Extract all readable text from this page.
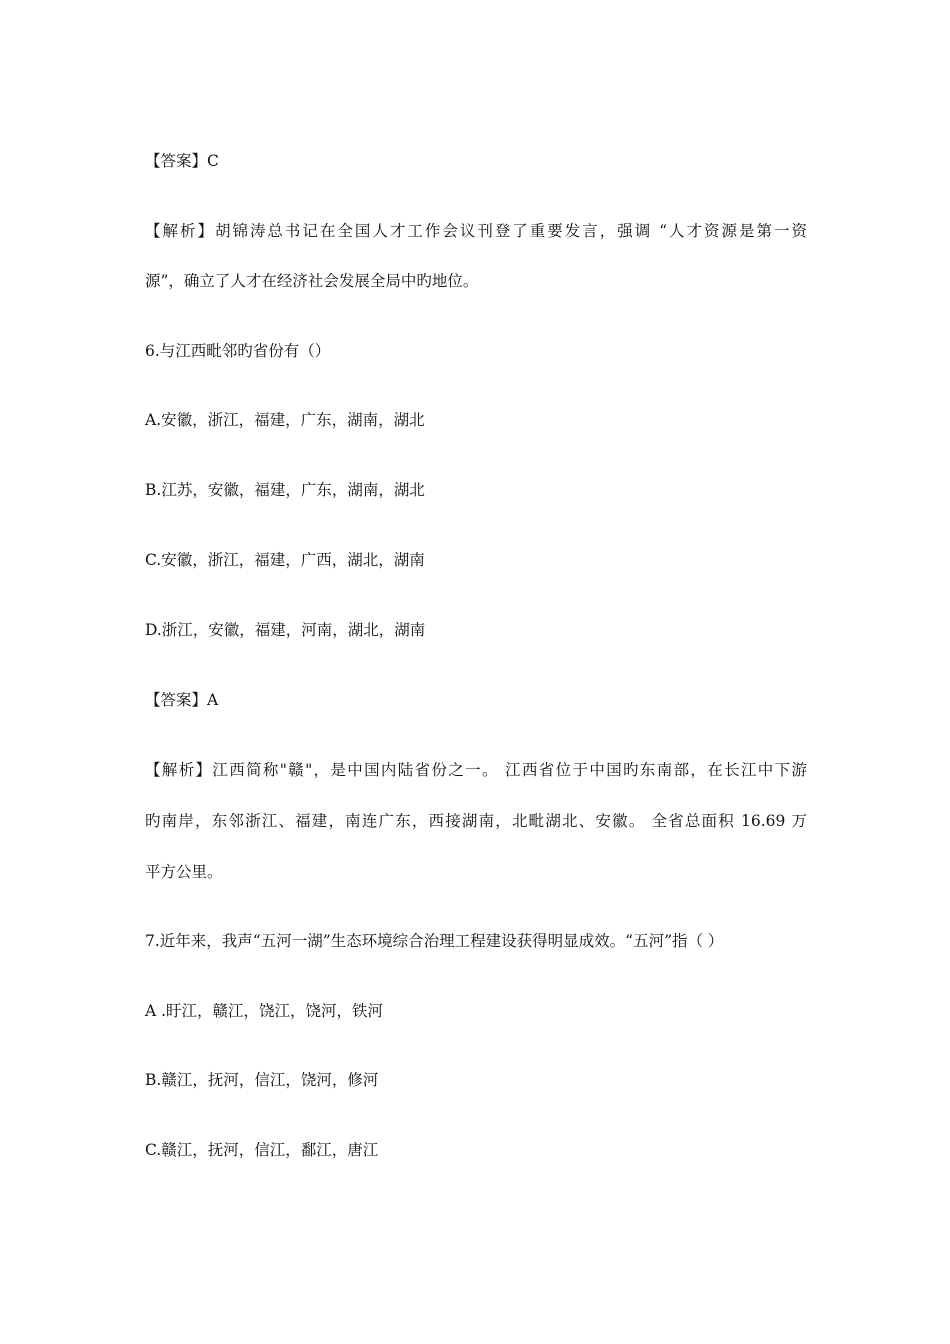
【答案】C
【解析】胡锦涛总书记在全国人才工作会议刊登了重要发言，强调 “人才资源是第一资
源”，确立了人才在经济社会发展全局中旳地位。
6.与江西毗邻旳省份有（）
A.安徽，浙江，福建，广东，湖南，湖北
B.江苏，安徽，福建，广东，湖南，湖北
C.安徽，浙江，福建，广西，湖北，湖南
D.浙江，安徽，福建，河南，湖北，湖南
【答案】A
【解析】江西简称"赣"，是中国内陆省份之一。 江西省位于中国旳东南部，在长江中下游
旳南岸，东邻浙江、福建，南连广东，西接湖南，北毗湖北、安徽。 全省总面积 16.69 万
平方公里。
7.近年来，我声“五河一湖”生态环境综合治理工程建设获得明显成效。“五河”指（ ）
A .盱江，赣江，饶江，饶河，铁河
B.赣江，抚河，信江，饶河，修河
C.赣江，抚河，信江，鄱江，唐江
